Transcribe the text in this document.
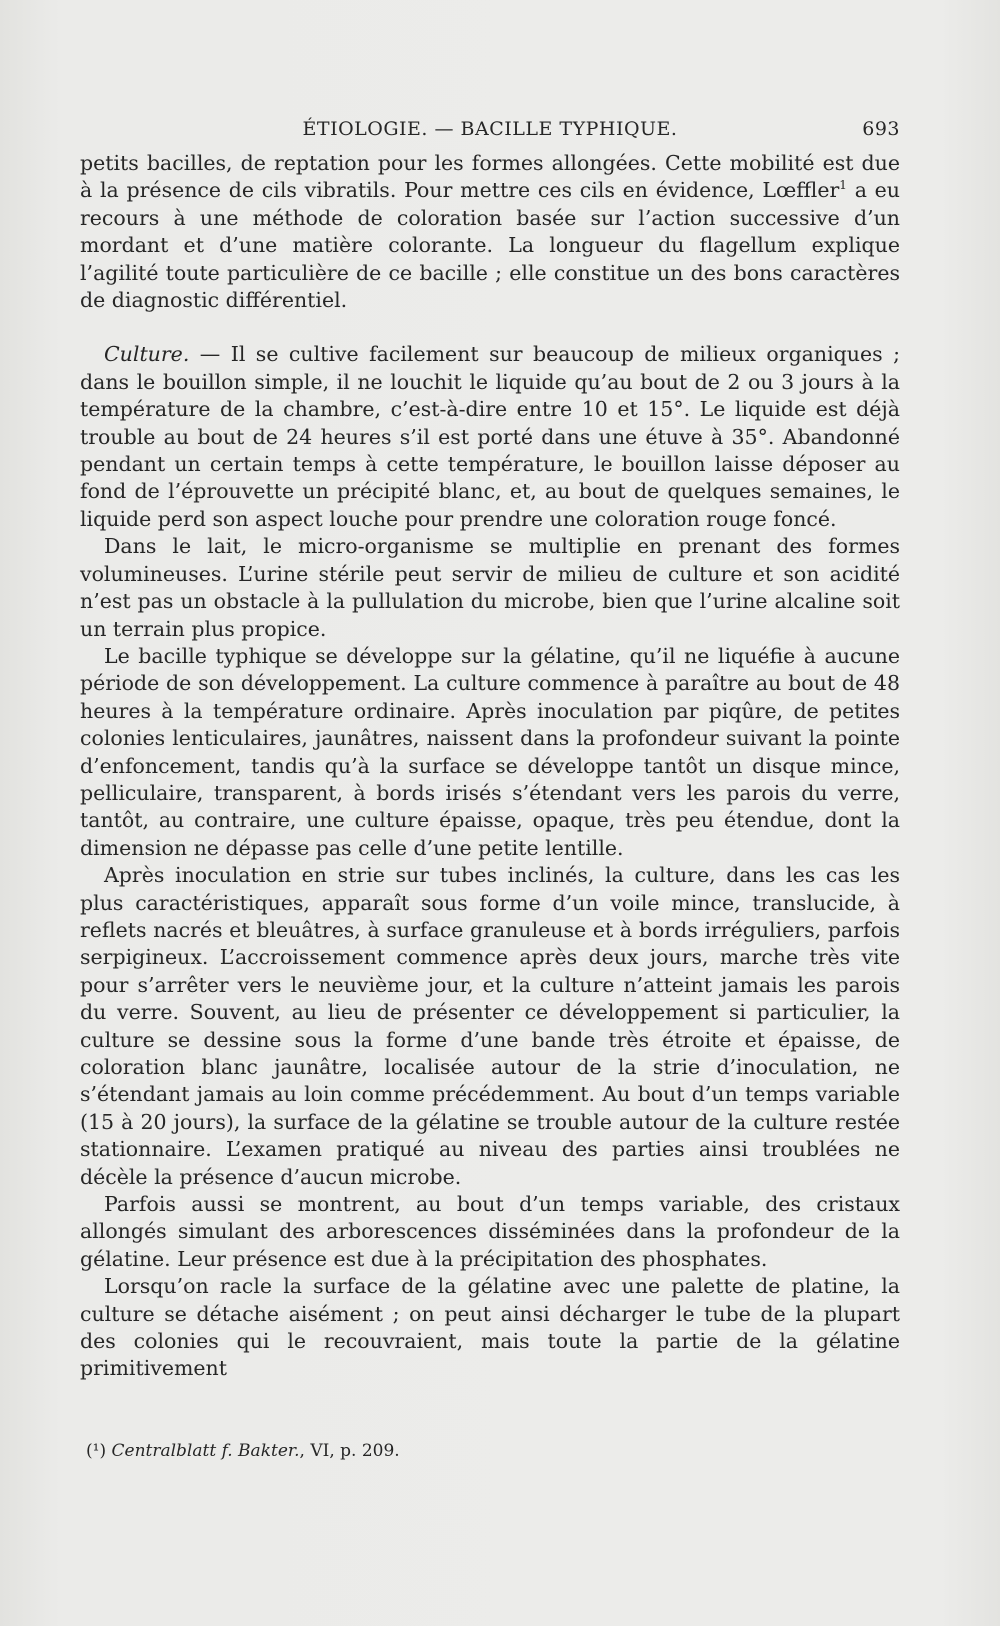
ÉTIOLOGIE. — BACILLE TYPHIQUE.	693

petits bacilles, de reptation pour les formes allongées. Cette mobilité est due à la présence de cils vibratils. Pour mettre ces cils en évidence, Lœffler$^1$ a eu recours à une méthode de coloration basée sur l’action successive d’un mordant et d’une matière colorante. La longueur du flagellum explique l’agilité toute particulière de ce bacille ; elle constitue un des bons caractères de diagnostic différentiel.

Culture. — Il se cultive facilement sur beaucoup de milieux organiques ; dans le bouillon simple, il ne louchit le liquide qu’au bout de 2 ou 3 jours à la température de la chambre, c’est-à-dire entre 10 et 15°. Le liquide est déjà trouble au bout de 24 heures s’il est porté dans une étuve à 35°. Abandonné pendant un certain temps à cette température, le bouillon laisse déposer au fond de l’éprouvette un précipité blanc, et, au bout de quelques semaines, le liquide perd son aspect louche pour prendre une coloration rouge foncé.

Dans le lait, le micro-organisme se multiplie en prenant des formes volumineuses. L’urine stérile peut servir de milieu de culture et son acidité n’est pas un obstacle à la pullulation du microbe, bien que l’urine alcaline soit un terrain plus propice.

Le bacille typhique se développe sur la gélatine, qu’il ne liquéfie à aucune période de son développement. La culture commence à paraître au bout de 48 heures à la température ordinaire. Après inoculation par piqûre, de petites colonies lenticulaires, jaunâtres, naissent dans la profondeur suivant la pointe d’enfoncement, tandis qu’à la surface se développe tantôt un disque mince, pelliculaire, transparent, à bords irisés s’étendant vers les parois du verre, tantôt, au contraire, une culture épaisse, opaque, très peu étendue, dont la dimension ne dépasse pas celle d’une petite lentille.

Après inoculation en strie sur tubes inclinés, la culture, dans les cas les plus caractéristiques, apparaît sous forme d’un voile mince, translucide, à reflets nacrés et bleuâtres, à surface granuleuse et à bords irréguliers, parfois serpigineux. L’accroissement commence après deux jours, marche très vite pour s’arrêter vers le neuvième jour, et la culture n’atteint jamais les parois du verre. Souvent, au lieu de présenter ce développement si particulier, la culture se dessine sous la forme d’une bande très étroite et épaisse, de coloration blanc jaunâtre, localisée autour de la strie d’inoculation, ne s’étendant jamais au loin comme précédemment. Au bout d’un temps variable (15 à 20 jours), la surface de la gélatine se trouble autour de la culture restée stationnaire. L’examen pratiqué au niveau des parties ainsi troublées ne décèle la présence d’aucun microbe.

Parfois aussi se montrent, au bout d’un temps variable, des cristaux allongés simulant des arborescences disséminées dans la profondeur de la gélatine. Leur présence est due à la précipitation des phosphates.

Lorsqu’on racle la surface de la gélatine avec une palette de platine, la culture se détache aisément ; on peut ainsi décharger le tube de la plupart des colonies qui le recouvraient, mais toute la partie de la gélatine primitivement

(¹) Centralblatt f. Bakter., VI, p. 209.
